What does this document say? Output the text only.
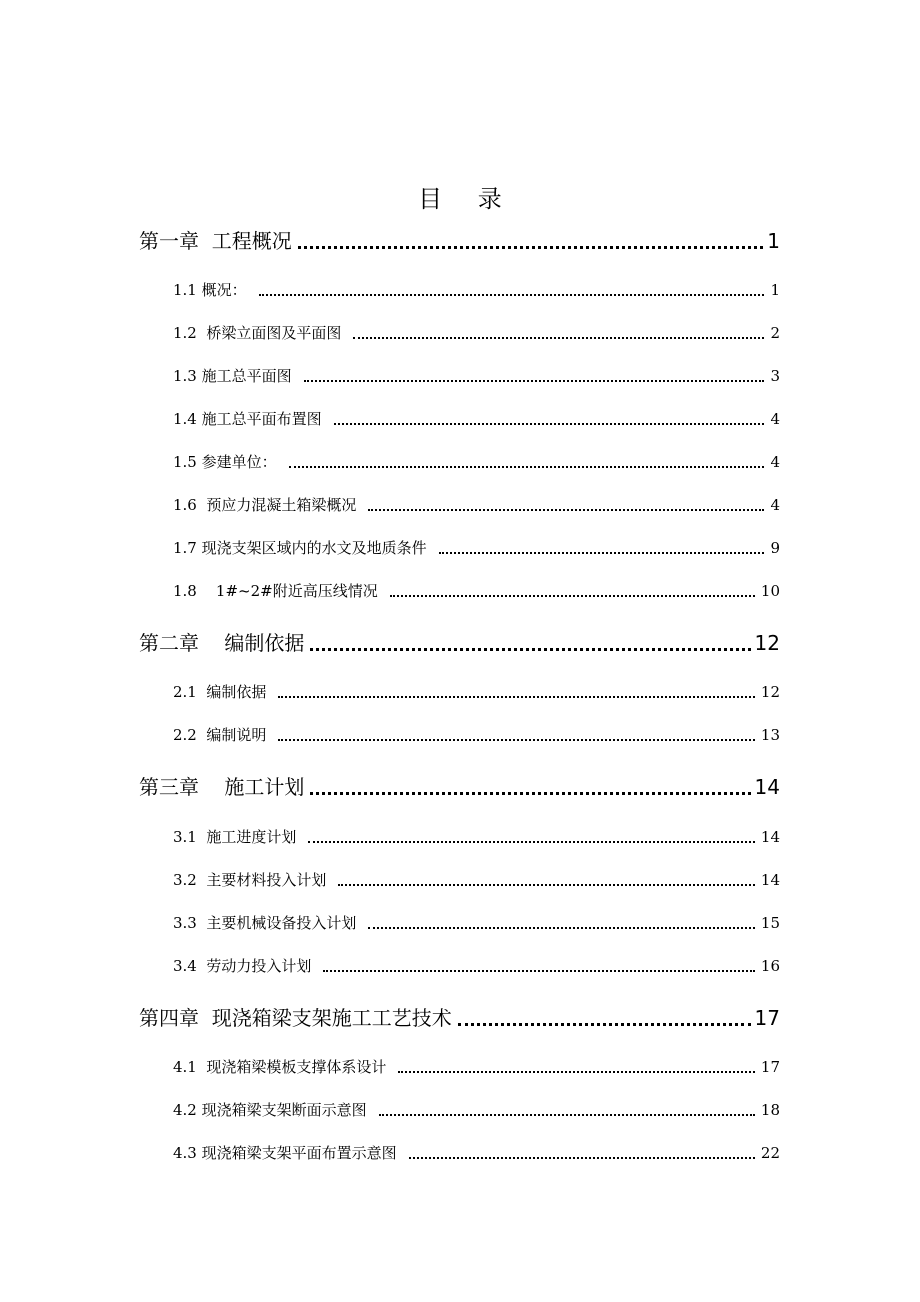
目 录
第一章  工程概况	1
1.1 概况：	1
1.2  桥梁立面图及平面图	2
1.3 施工总平面图	3
1.4 施工总平面布置图	4
1.5 参建单位：	4
1.6  预应力混凝土箱梁概况	4
1.7 现浇支架区域内的水文及地质条件	9
1.8    1#~2#附近高压线情况	10
第二章    编制依据	12
2.1  编制依据	12
2.2  编制说明	13
第三章    施工计划	14
3.1  施工进度计划	14
3.2  主要材料投入计划	14
3.3  主要机械设备投入计划	15
3.4  劳动力投入计划	16
第四章  现浇箱梁支架施工工艺技术	17
4.1  现浇箱梁模板支撑体系设计	17
4.2 现浇箱梁支架断面示意图	18
4.3 现浇箱梁支架平面布置示意图	22
